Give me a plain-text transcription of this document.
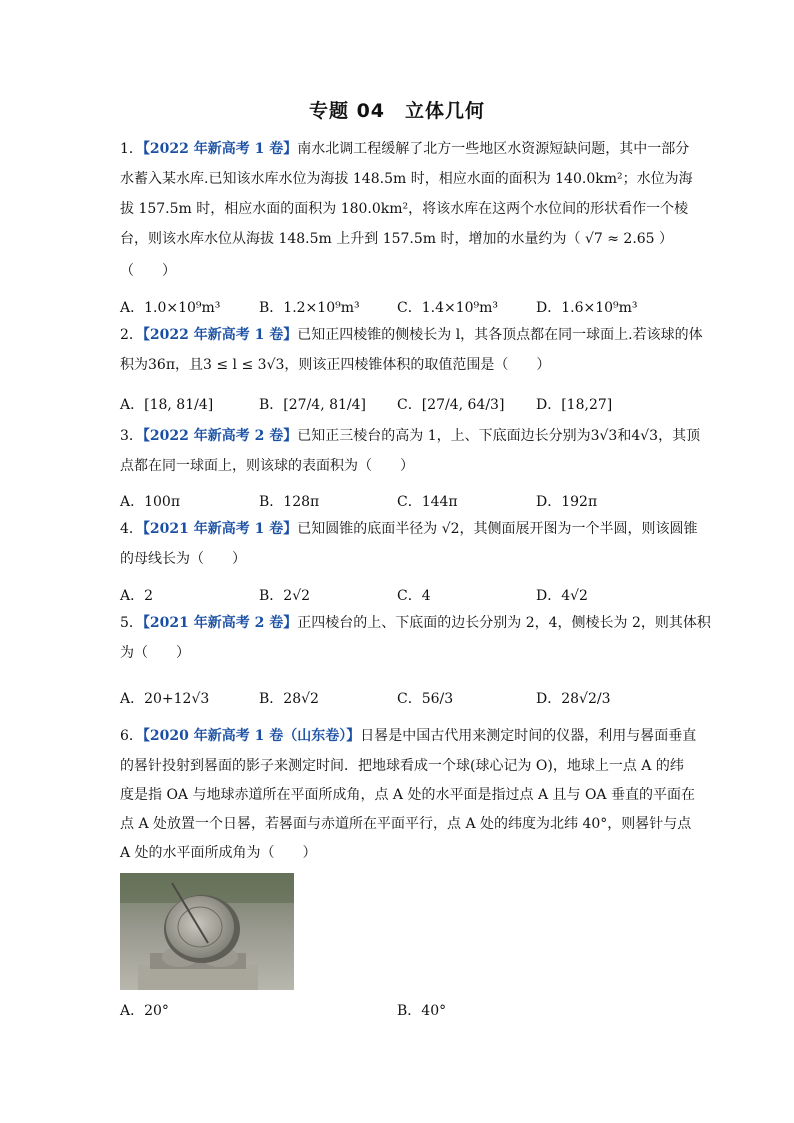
专题 04　立体几何
1．【2022 年新高考 1 卷】南水北调工程缓解了北方一些地区水资源短缺问题，其中一部分
水蓄入某水库.已知该水库水位为海拔 148.5m 时，相应水面的面积为 140.0km²；水位为海
拔 157.5m 时，相应水面的面积为 180.0km²，将该水库在这两个水位间的形状看作一个棱
台，则该水库水位从海拔 148.5m 上升到 157.5m 时，增加的水量约为（ √7 ≈ 2.65 ）
（　　）
A．1.0×10⁹m³	B．1.2×10⁹m³	C．1.4×10⁹m³	D．1.6×10⁹m³
2．【2022 年新高考 1 卷】已知正四棱锥的侧棱长为 l，其各顶点都在同一球面上.若该球的体
积为36π，且3 ≤ l ≤ 3√3，则该正四棱锥体积的取值范围是（　　）
A．[18, 81/4]	B．[27/4, 81/4] C．[27/4, 64/3] D．[18,27]
3．【2022 年新高考 2 卷】已知正三棱台的高为 1，上、下底面边长分别为3√3和4√3，其顶
点都在同一球面上，则该球的表面积为（　　）
A．100π	B．128π	C．144π	D．192π
4．【2021 年新高考 1 卷】已知圆锥的底面半径为 √2，其侧面展开图为一个半圆，则该圆锥
的母线长为（　　）
A．2	B．2√2	C．4	D．4√2
5．【2021 年新高考 2 卷】正四棱台的上、下底面的边长分别为 2，4，侧棱长为 2，则其体积
为（　　）
A．20+12√3	B．28√2	C．56/3	D．28√2/3
6．【2020 年新高考 1 卷（山东卷）】日晷是中国古代用来测定时间的仪器，利用与晷面垂直
的晷针投射到晷面的影子来测定时间．把地球看成一个球(球心记为 O)，地球上一点 A 的纬
度是指 OA 与地球赤道所在平面所成角，点 A 处的水平面是指过点 A 且与 OA 垂直的平面在
点 A 处放置一个日晷，若晷面与赤道所在平面平行，点 A 处的纬度为北纬 40°，则晷针与点
A 处的水平面所成角为（　　）
A．20°	B．40°
